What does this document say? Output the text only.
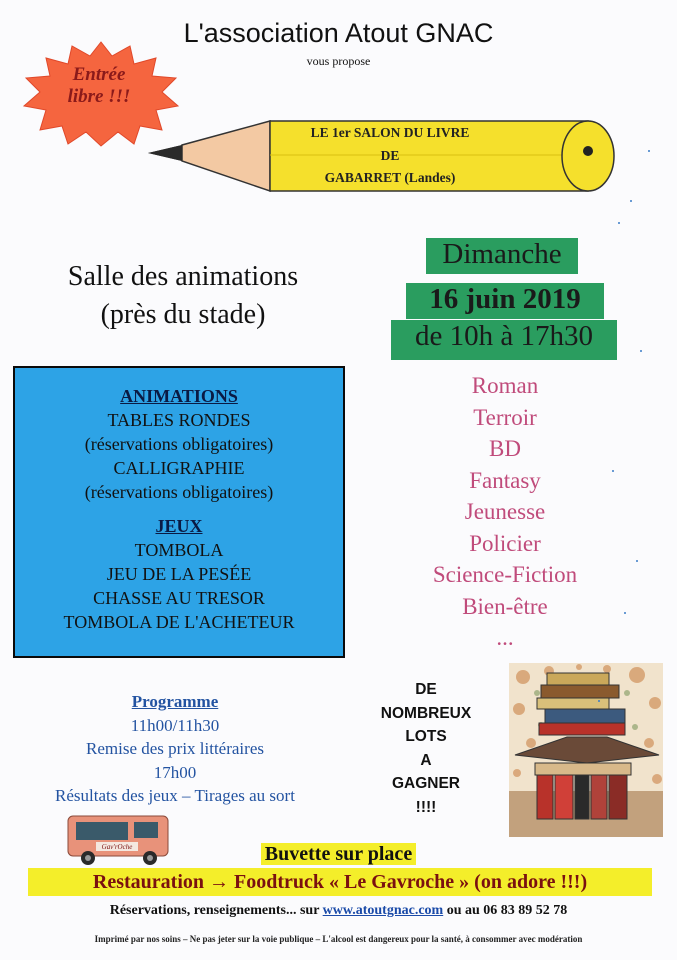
L'association Atout GNAC
vous propose
Entrée
libre !!!
LE 1er SALON DU LIVRE
DE
GABARRET (Landes)
Salle des animations
(près du stade)
Dimanche
16 juin 2019
de 10h à 17h30
Roman
Terroir
BD
Fantasy
Jeunesse
Policier
Science-Fiction
Bien-être
...
ANIMATIONS
TABLES RONDES
(réservations obligatoires)
CALLIGRAPHIE
(réservations obligatoires)
JEUX
TOMBOLA
JEU DE LA PESÉE
CHASSE AU TRESOR
TOMBOLA DE L'ACHETEUR
Programme
11h00/11h30
Remise des prix littéraires
17h00
Résultats des jeux – Tirages au sort
DE
NOMBREUX
LOTS
A
GAGNER
!!!!
Gav'rOche	Buvette sur place
Restauration → Foodtruck « Le Gavroche » (on adore !!!)
Réservations, renseignements... sur www.atoutgnac.com ou au 06 83 89 52 78
Imprimé par nos soins – Ne pas jeter sur la voie publique – L'alcool est dangereux pour la santé, à consommer avec modération
